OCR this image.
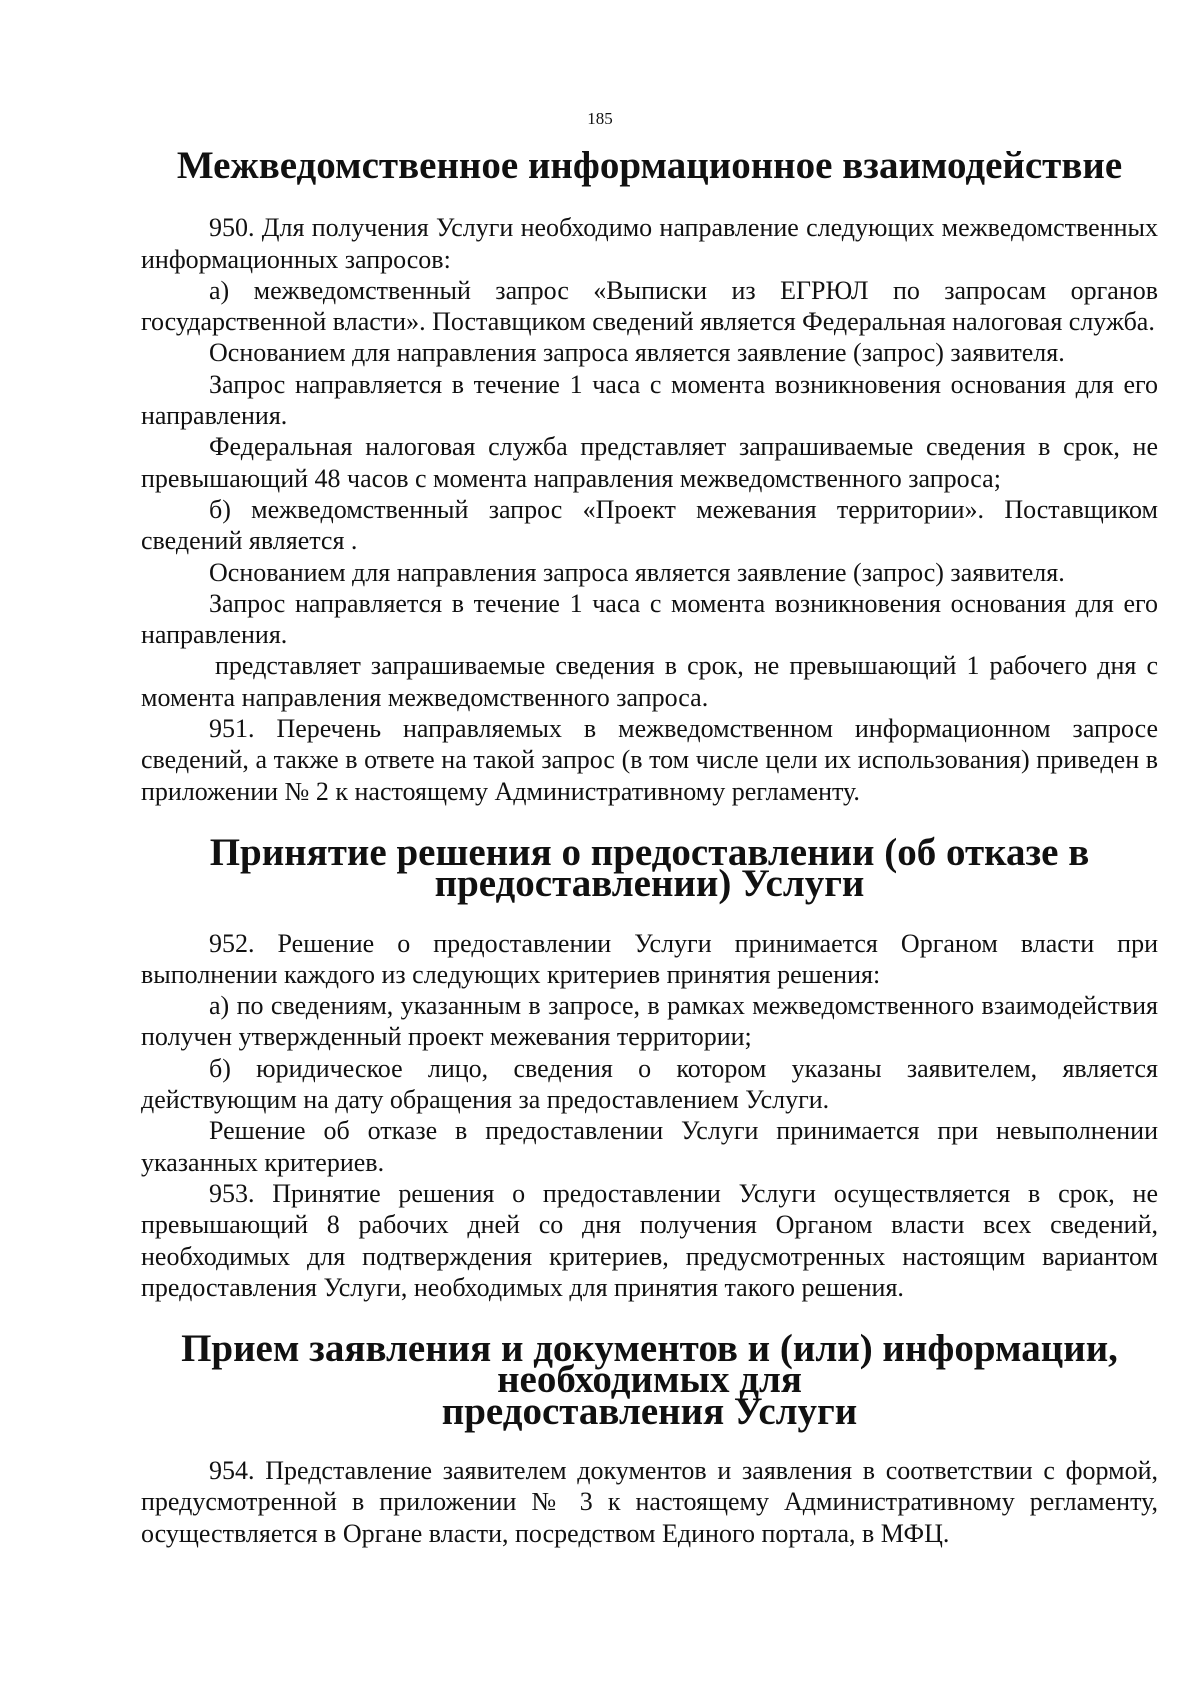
185
Межведомственное информационное взаимодействие

950. Для получения Услуги необходимо направление следующих межведомственных информационных запросов:

а) межведомственный запрос «Выписки из ЕГРЮЛ по запросам органов государственной власти». Поставщиком сведений является Федеральная налоговая служба.

Основанием для направления запроса является заявление (запрос) заявителя.

Запрос направляется в течение 1 часа с момента возникновения основания для его направления.

Федеральная налоговая служба представляет запрашиваемые сведения в срок, не превышающий 48 часов с момента направления межведомственного запроса;

б) межведомственный запрос «Проект межевания территории». Поставщиком сведений является .

Основанием для направления запроса является заявление (запрос) заявителя.

Запрос направляется в течение 1 часа с момента возникновения основания для его направления.

представляет запрашиваемые сведения в срок, не превышающий 1 рабочего дня с момента направления межведомственного запроса.

951. Перечень направляемых в межведомственном информационном запросе сведений, а также в ответе на такой запрос (в том числе цели их использования) приведен в приложении № 2 к настоящему Административному регламенту.

Принятие решения о предоставлении (об отказе в предоставлении) Услуги

952. Решение о предоставлении Услуги принимается Органом власти при выполнении каждого из следующих критериев принятия решения:

а) по сведениям, указанным в запросе, в рамках межведомственного взаимодействия получен утвержденный проект межевания территории;

б) юридическое лицо, сведения о котором указаны заявителем, является действующим на дату обращения за предоставлением Услуги.

Решение об отказе в предоставлении Услуги принимается при невыполнении указанных критериев.

953. Принятие решения о предоставлении Услуги осуществляется в срок, не превышающий 8 рабочих дней со дня получения Органом власти всех сведений, необходимых для подтверждения критериев, предусмотренных настоящим вариантом предоставления Услуги, необходимых для принятия такого решения.

Прием заявления и документов и (или) информации, необходимых для
предоставления Услуги

954. Представление заявителем документов и заявления в соответствии с формой, предусмотренной в приложении № 3 к настоящему Административному регламенту, осуществляется в Органе власти, посредством Единого портала, в МФЦ.
